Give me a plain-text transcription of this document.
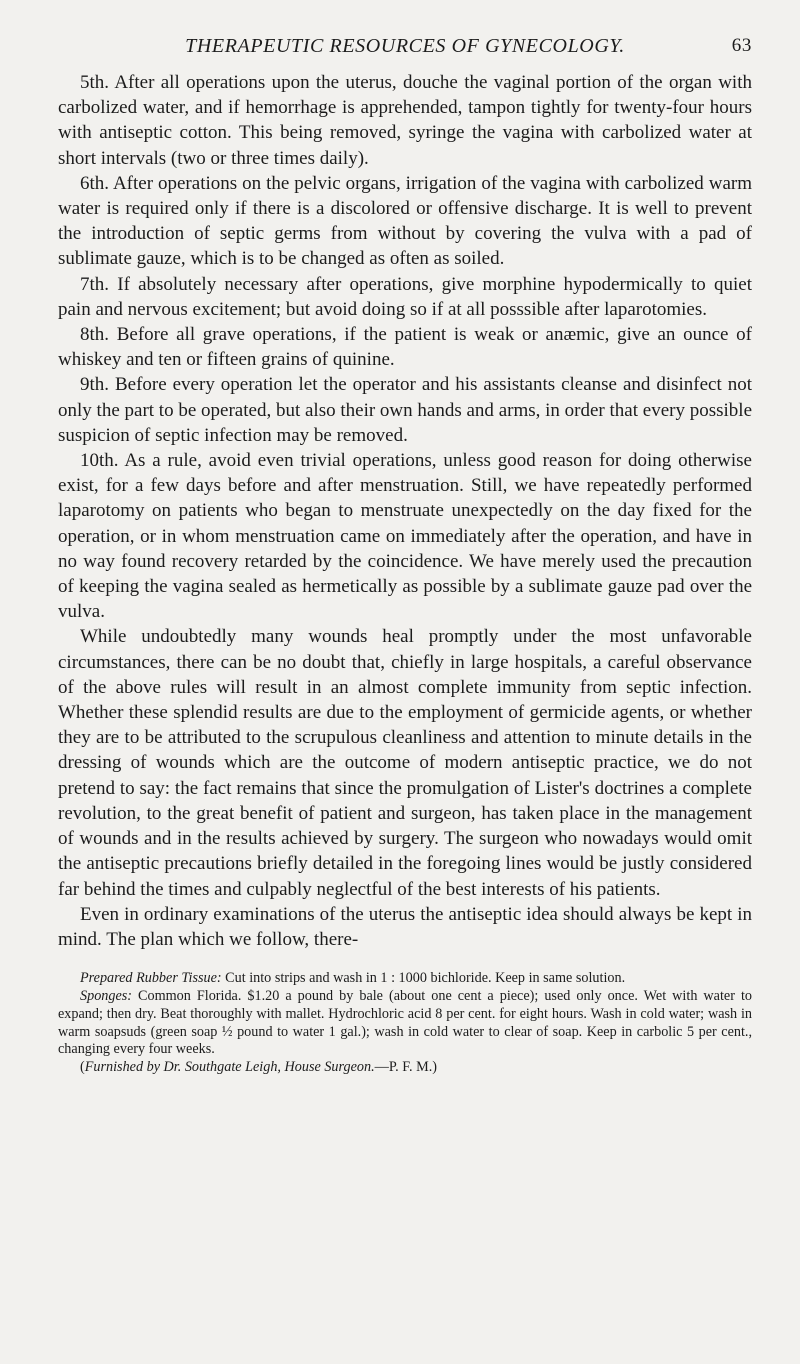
THERAPEUTIC RESOURCES OF GYNECOLOGY.	63

5th. After all operations upon the uterus, douche the vaginal portion of the organ with carbolized water, and if hemorrhage is apprehended, tampon tightly for twenty-four hours with antiseptic cotton. This being removed, syringe the vagina with carbolized water at short intervals (two or three times daily).

6th. After operations on the pelvic organs, irrigation of the vagina with carbolized warm water is required only if there is a discolored or offensive discharge. It is well to prevent the introduction of septic germs from without by covering the vulva with a pad of sublimate gauze, which is to be changed as often as soiled.

7th. If absolutely necessary after operations, give morphine hypodermically to quiet pain and nervous excitement; but avoid doing so if at all posssible after laparotomies.

8th. Before all grave operations, if the patient is weak or anæmic, give an ounce of whiskey and ten or fifteen grains of quinine.

9th. Before every operation let the operator and his assistants cleanse and disinfect not only the part to be operated, but also their own hands and arms, in order that every possible suspicion of septic infection may be removed.

10th. As a rule, avoid even trivial operations, unless good reason for doing otherwise exist, for a few days before and after menstruation. Still, we have repeatedly performed laparotomy on patients who began to menstruate unexpectedly on the day fixed for the operation, or in whom menstruation came on immediately after the operation, and have in no way found recovery retarded by the coincidence. We have merely used the precaution of keeping the vagina sealed as hermetically as possible by a sublimate gauze pad over the vulva.

While undoubtedly many wounds heal promptly under the most unfavorable circumstances, there can be no doubt that, chiefly in large hospitals, a careful observance of the above rules will result in an almost complete immunity from septic infection. Whether these splendid results are due to the employment of germicide agents, or whether they are to be attributed to the scrupulous cleanliness and attention to minute details in the dressing of wounds which are the outcome of modern antiseptic practice, we do not pretend to say: the fact remains that since the promulgation of Lister's doctrines a complete revolution, to the great benefit of patient and surgeon, has taken place in the management of wounds and in the results achieved by surgery. The surgeon who nowadays would omit the antiseptic precautions briefly detailed in the foregoing lines would be justly considered far behind the times and culpably neglectful of the best interests of his patients.

Even in ordinary examinations of the uterus the antiseptic idea should always be kept in mind. The plan which we follow, there-

Prepared Rubber Tissue: Cut into strips and wash in 1 : 1000 bichloride. Keep in same solution.

Sponges: Common Florida. $1.20 a pound by bale (about one cent a piece); used only once. Wet with water to expand; then dry. Beat thoroughly with mallet. Hydrochloric acid 8 per cent. for eight hours. Wash in cold water; wash in warm soapsuds (green soap ½ pound to water 1 gal.); wash in cold water to clear of soap. Keep in carbolic 5 per cent., changing every four weeks.

(Furnished by Dr. Southgate Leigh, House Surgeon.—P. F. M.)
